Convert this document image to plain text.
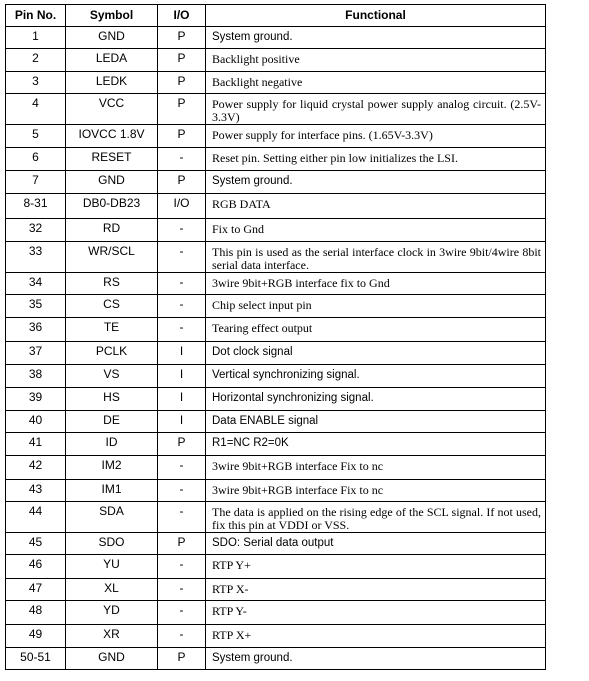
Pin No.	Symbol	I/O	Functional
1	GND	P	System ground.
2	LEDA	P	Backlight positive
3	LEDK	P	Backlight negative
4	VCC	P	Power supply for liquid crystal power supply analog circuit. (2.5V-3.3V)
5	IOVCC 1.8V	P	Power supply for interface pins. (1.65V-3.3V)
6	RESET	-	Reset pin. Setting either pin low initializes the LSI.
7	GND	P	System ground.
8-31	DB0-DB23	I/O	RGB DATA
32	RD	-	Fix to Gnd
33	WR/SCL	-	This pin is used as the serial interface clock in 3wire 9bit/4wire 8bit serial data interface.
34	RS	-	3wire 9bit+RGB interface fix to Gnd
35	CS	-	Chip select input pin
36	TE	-	Tearing effect output
37	PCLK	I	Dot clock signal
38	VS	I	Vertical synchronizing signal.
39	HS	I	Horizontal synchronizing signal.
40	DE	I	Data ENABLE signal
41	ID	P	R1=NC R2=0K
42	IM2	-	3wire 9bit+RGB interface Fix to nc
43	IM1	-	3wire 9bit+RGB interface Fix to nc
44	SDA	-	The data is applied on the rising edge of the SCL signal. If not used, fix this pin at VDDI or VSS.
45	SDO	P	SDO: Serial data output
46	YU	-	RTP Y+
47	XL	-	RTP X-
48	YD	-	RTP Y-
49	XR	-	RTP X+
50-51	GND	P	System ground.
